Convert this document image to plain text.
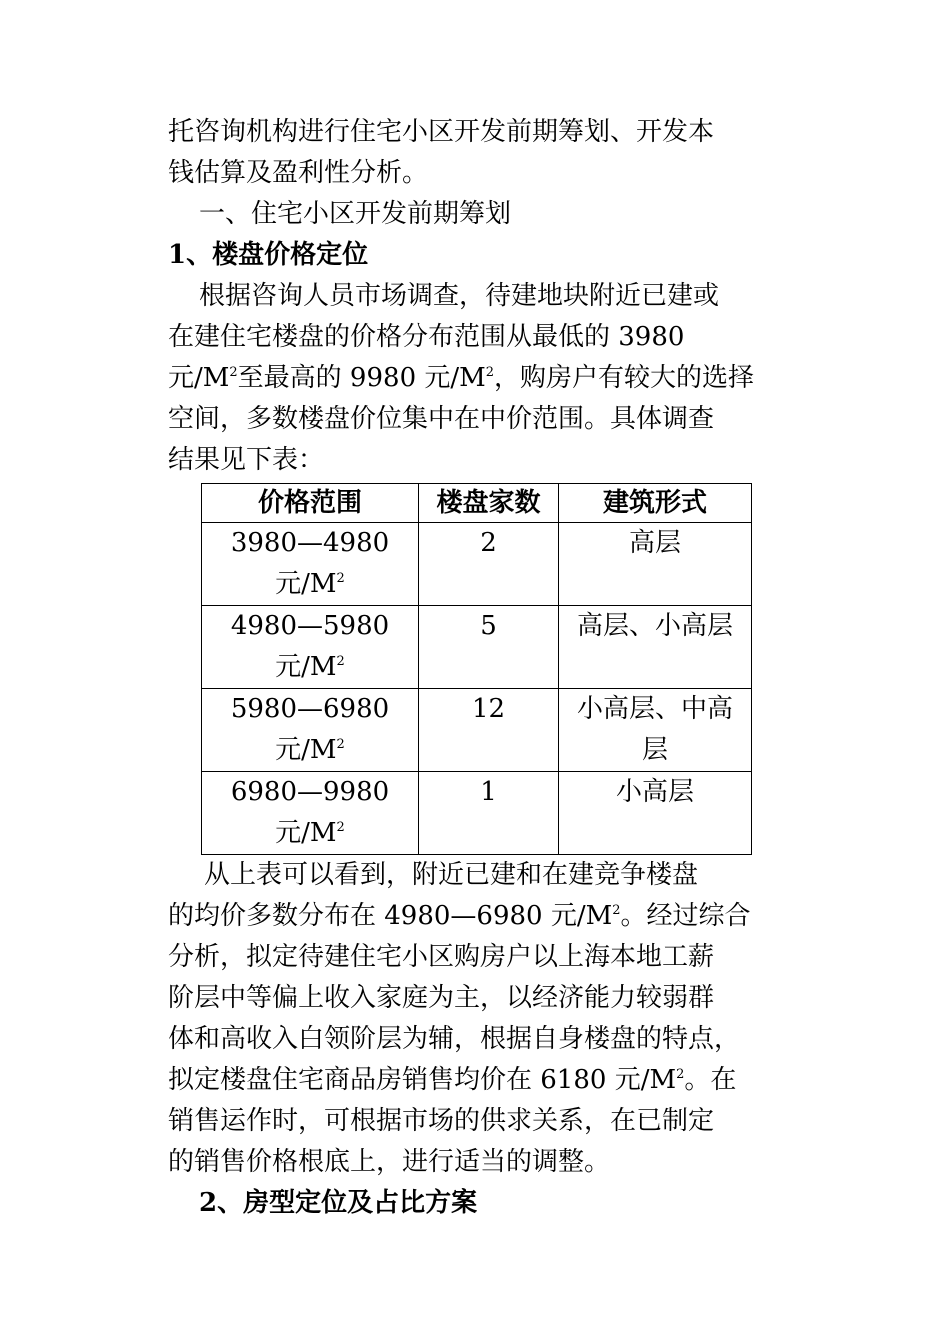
托咨询机构进行住宅小区开发前期筹划、开发本
钱估算及盈利性分析。
一、住宅小区开发前期筹划
1、楼盘价格定位
根据咨询人员市场调查，待建地块附近已建或
在建住宅楼盘的价格分布范围从最低的 3980
元$/M^2$至最高的 9980 元$/M^2$，购房户有较大的选择
空间，多数楼盘价位集中在中价范围。具体调查
结果见下表：
价格范围	楼盘家数	建筑形式

3980—4980
元$/M^2$	2	高层

4980—5980
元$/M^2$	5	高层、小高层

5980—6980
元$/M^2$	12	小高层、中高
层

6980—9980
元$/M^2$	1	小高层
从上表可以看到，附近已建和在建竞争楼盘
的均价多数分布在 4980—6980 元$/M^2$。经过综合
分析，拟定待建住宅小区购房户以上海本地工薪
阶层中等偏上收入家庭为主，以经济能力较弱群
体和高收入白领阶层为辅，根据自身楼盘的特点，
拟定楼盘住宅商品房销售均价在 6180 元$/M^2$。在
销售运作时，可根据市场的供求关系，在已制定
的销售价格根底上，进行适当的调整。
2、房型定位及占比方案
